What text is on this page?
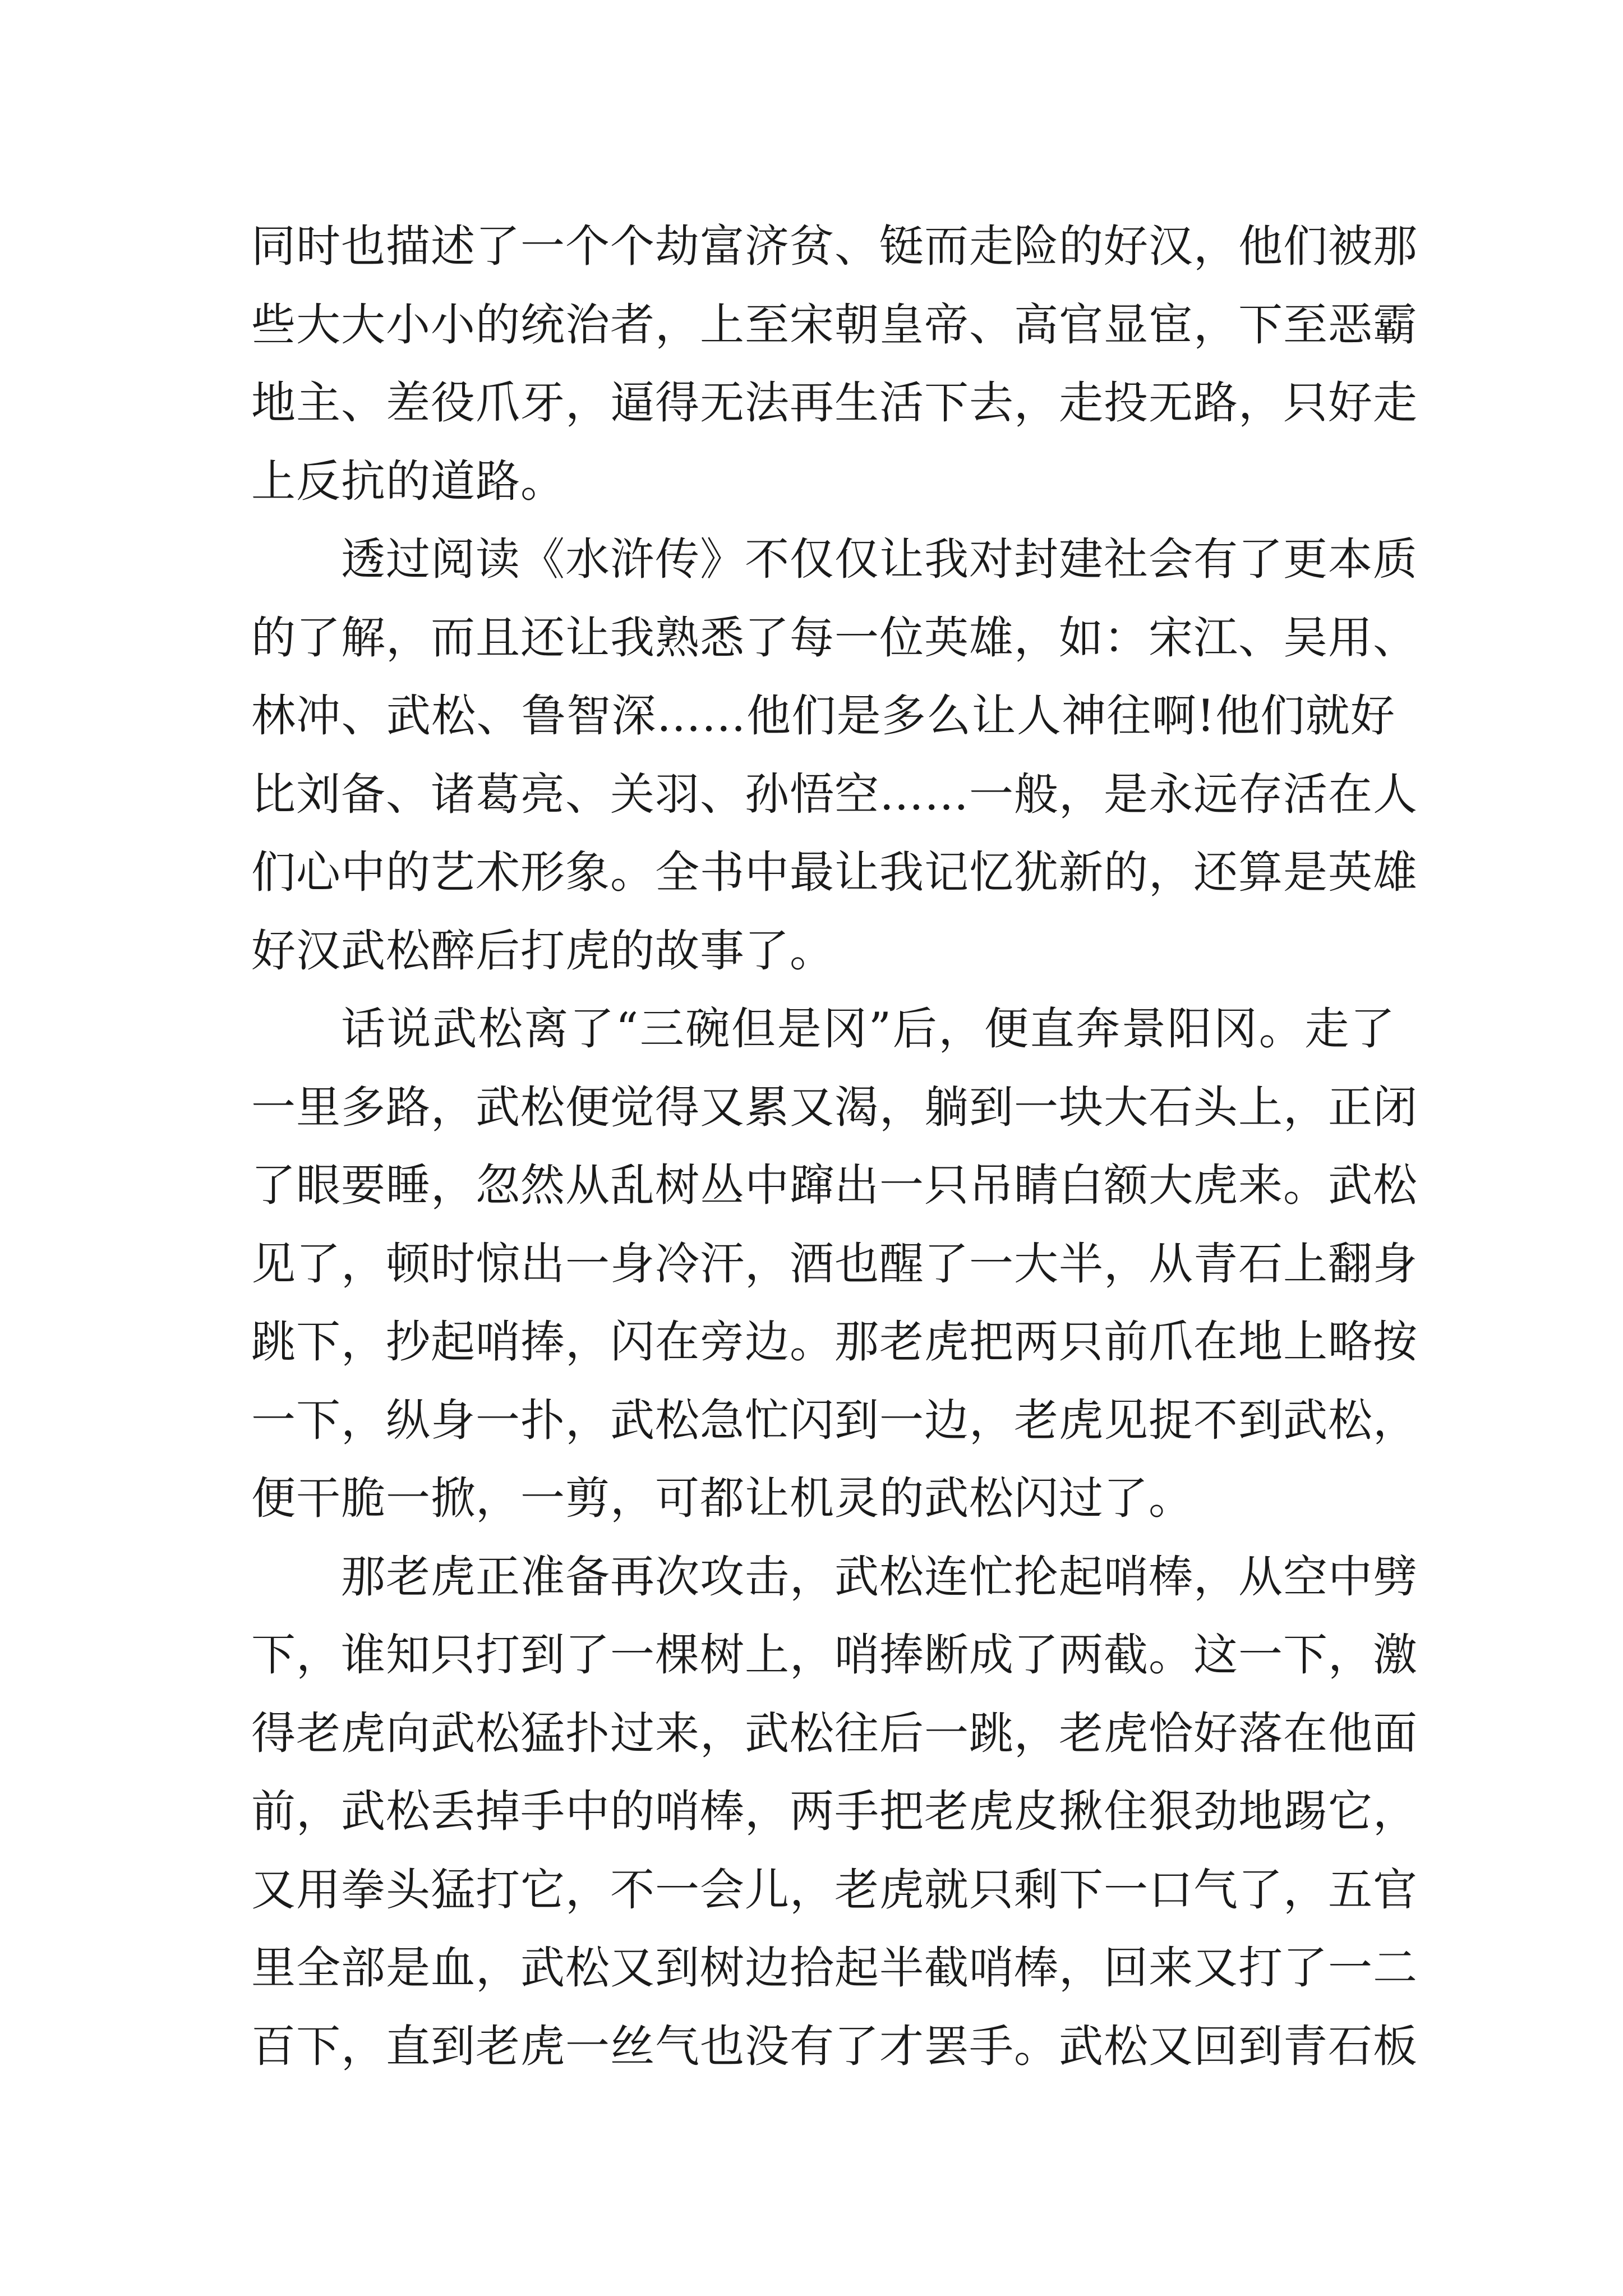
同时也描述了一个个劫富济贫、铤而走险的好汉，他们被那
些大大小小的统治者，上至宋朝皇帝、高官显宦，下至恶霸
地主、差役爪牙，逼得无法再生活下去，走投无路，只好走
上反抗的道路。
透过阅读《水浒传》不仅仅让我对封建社会有了更本质
的了解，而且还让我熟悉了每一位英雄，如：宋江、吴用、
林冲、武松、鲁智深……他们是多么让人神往啊!他们就好
比刘备、诸葛亮、关羽、孙悟空……一般，是永远存活在人
们心中的艺术形象。全书中最让我记忆犹新的，还算是英雄
好汉武松醉后打虎的故事了。
话说武松离了“三碗但是冈”后，便直奔景阳冈。走了
一里多路，武松便觉得又累又渴，躺到一块大石头上，正闭
了眼要睡，忽然从乱树丛中蹿出一只吊睛白额大虎来。武松
见了，顿时惊出一身冷汗，酒也醒了一大半，从青石上翻身
跳下，抄起哨捧，闪在旁边。那老虎把两只前爪在地上略按
一下，纵身一扑，武松急忙闪到一边，老虎见捉不到武松，
便干脆一掀，一剪，可都让机灵的武松闪过了。
那老虎正准备再次攻击，武松连忙抡起哨棒，从空中劈
下，谁知只打到了一棵树上，哨捧断成了两截。这一下，激
得老虎向武松猛扑过来，武松往后一跳，老虎恰好落在他面
前，武松丢掉手中的哨棒，两手把老虎皮揪住狠劲地踢它，
又用拳头猛打它，不一会儿，老虎就只剩下一口气了，五官
里全部是血，武松又到树边拾起半截哨棒，回来又打了一二
百下，直到老虎一丝气也没有了才罢手。武松又回到青石板
